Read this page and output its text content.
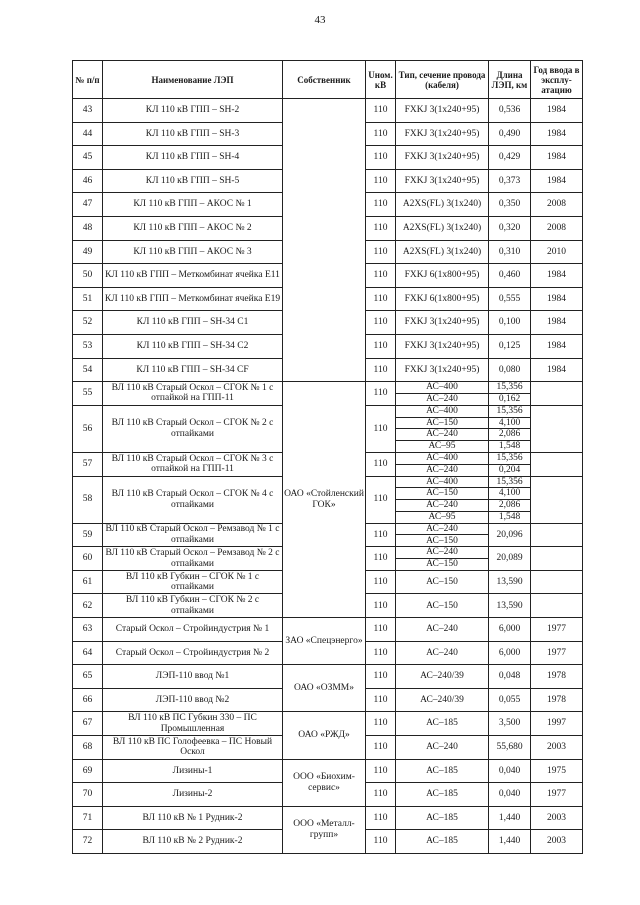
43
№ п/п	Наименование ЛЭП	Собственник	Uном. кВ	Тип, сечение провода (кабеля)	Длина ЛЭП, км	Год ввода в эксплу-атацию
43	КЛ 110 кВ ГПП – SH-2		110	FXKJ 3(1x240+95)	0,536	1984
44	КЛ 110 кВ ГПП – SH-3		110	FXKJ 3(1x240+95)	0,490	1984
45	КЛ 110 кВ ГПП – SH-4		110	FXKJ 3(1x240+95)	0,429	1984
46	КЛ 110 кВ ГПП – SH-5		110	FXKJ 3(1x240+95)	0,373	1984
47	КЛ 110 кВ ГПП – АКОС № 1		110	A2XS(FL) 3(1x240)	0,350	2008
48	КЛ 110 кВ ГПП – АКОС № 2		110	A2XS(FL) 3(1x240)	0,320	2008
49	КЛ 110 кВ ГПП – АКОС № 3		110	A2XS(FL) 3(1x240)	0,310	2010
50	КЛ 110 кВ ГПП – Меткомбинат ячейка Е11		110	FXKJ 6(1x800+95)	0,460	1984
51	КЛ 110 кВ ГПП – Меткомбинат ячейка Е19		110	FXKJ 6(1x800+95)	0,555	1984
52	КЛ 110 кВ ГПП – SH-34 С1		110	FXKJ 3(1x240+95)	0,100	1984
53	КЛ 110 кВ ГПП – SH-34 С2		110	FXKJ 3(1x240+95)	0,125	1984
54	КЛ 110 кВ ГПП – SH-34 СF		110	FXKJ 3(1x240+95)	0,080	1984
55	ВЛ 110 кВ Старый Оскол – СГОК № 1 с отпайкой на ГПП-11	ОАО «Стойленский ГОК»	110	АС–400	15,356	
				АС–240	0,162	
56	ВЛ 110 кВ Старый Оскол – СГОК № 2 с отпайками		110	АС–400	15,356	
				АС–150	4,100	
				АС–240	2,086	
				АС–95	1,548	
57	ВЛ 110 кВ Старый Оскол – СГОК № 3 с отпайкой на ГПП-11		110	АС–400	15,356	
				АС–240	0,204	
58	ВЛ 110 кВ Старый Оскол – СГОК № 4 с отпайками		110	АС–400	15,356	
				АС–150	4,100	
				АС–240	2,086	
				АС–95	1,548	
59	ВЛ 110 кВ Старый Оскол – Ремзавод № 1 с отпайками		110	АС–240	20,096	
				АС–150		
60	ВЛ 110 кВ Старый Оскол – Ремзавод № 2 с отпайками		110	АС–240	20,089	
				АС–150		
61	ВЛ 110 кВ Губкин – СГОК № 1 с отпайками		110	АС–150	13,590	
62	ВЛ 110 кВ Губкин – СГОК № 2 с отпайками		110	АС–150	13,590	
63	Старый Оскол – Стройиндустрия № 1	ЗАО «Спецэнерго»	110	АС–240	6,000	1977
64	Старый Оскол – Стройиндустрия № 2		110	АС–240	6,000	1977
65	ЛЭП-110 ввод №1	ОАО «ОЗММ»	110	АС–240/39	0,048	1978
66	ЛЭП-110 ввод №2		110	АС–240/39	0,055	1978
67	ВЛ 110 кВ ПС Губкин 330 – ПС Промышленная	ОАО «РЖД»	110	АС–185	3,500	1997
68	ВЛ 110 кВ ПС Голофеевка – ПС Новый Оскол		110	АС–240	55,680	2003
69	Лизины-1	ООО «Биохим-сервис»	110	АС–185	0,040	1975
70	Лизины-2		110	АС–185	0,040	1977
71	ВЛ 110 кВ № 1 Рудник-2	ООО «Металл-групп»	110	АС–185	1,440	2003
72	ВЛ 110 кВ № 2 Рудник-2		110	АС–185	1,440	2003
